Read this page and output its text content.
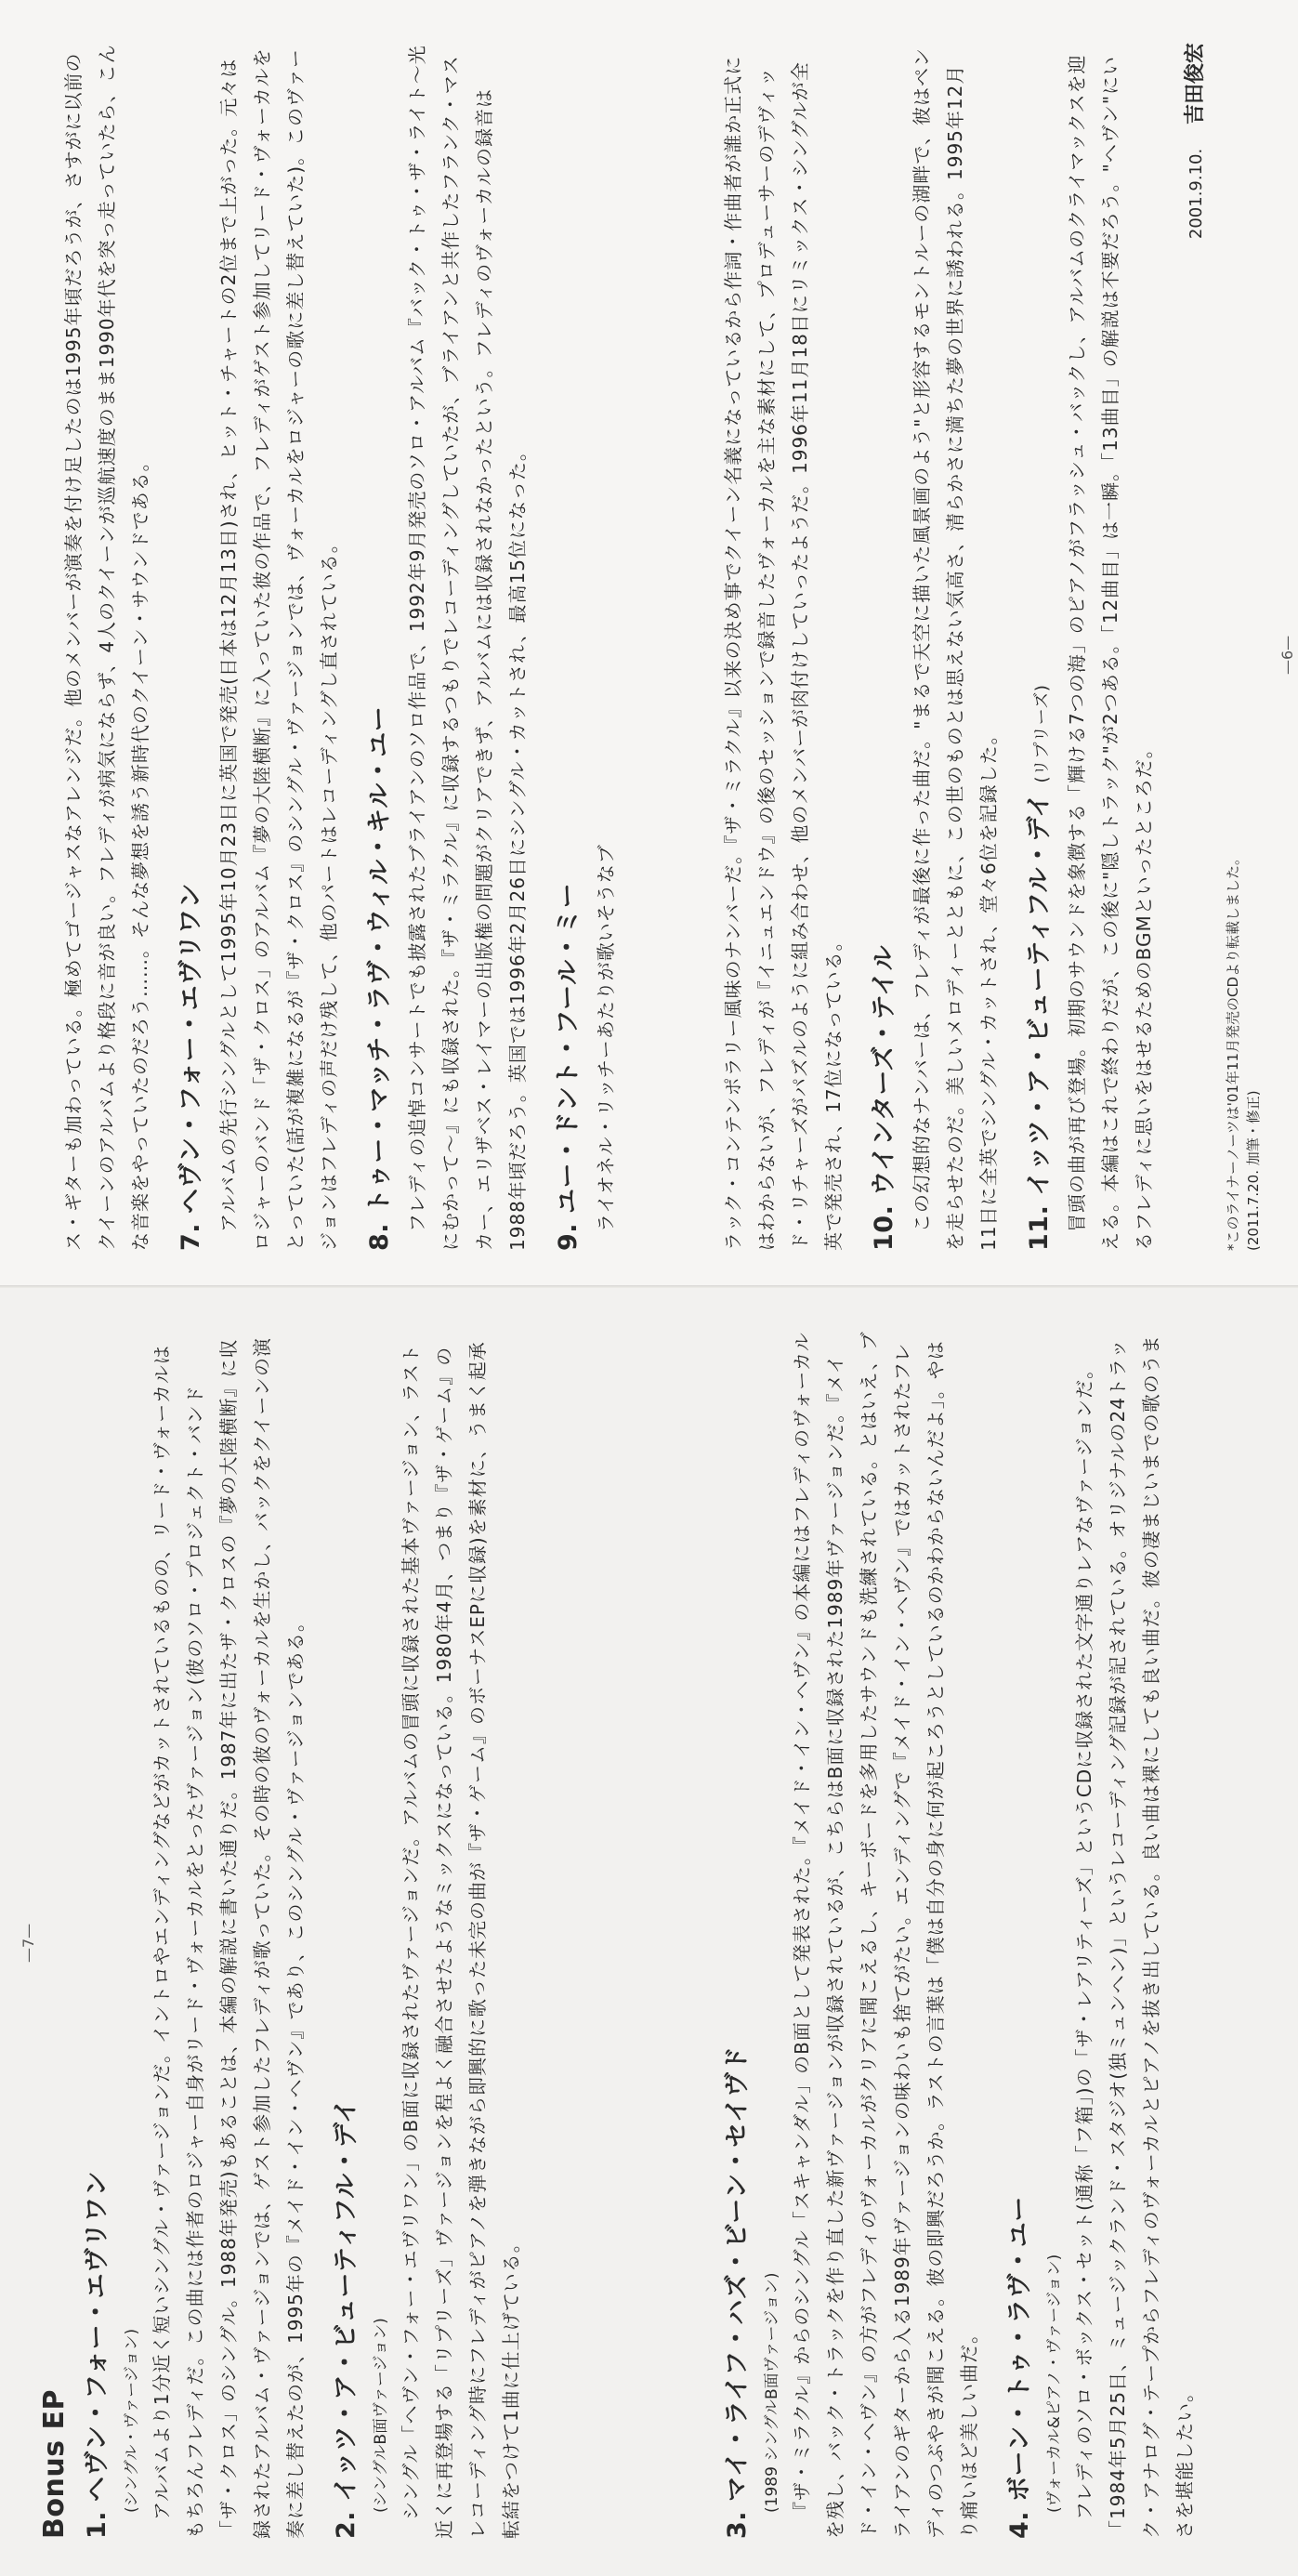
ス・ギターも加わっている。極めてゴージャスなアレンジだ。他のメンバーが演奏を付け足したのは1995年頃だろうが、さすがに以前のクイーンのアルバムより格段に音が良い。フレディが病気にならず、4人のクイーンが巡航速度のまま1990年代を突っ走っていたら、こんな音楽をやっていたのだろう……。そんな夢想を誘う新時代のクイーン・サウンドである。 7. ヘヴン・フォー・エヴリワン アルバムの先行シングルとして1995年10月23日に英国で発売(日本は12月13日)され、ヒット・チャートの2位まで上がった。元々はロジャーのバンド「ザ・クロス」のアルバム『夢の大陸横断』に入っていた彼の作品で、フレディがゲスト参加してリード・ヴォーカルをとっていた(話が複雑になるが『ザ・クロス』のシングル・ヴァージョンでは、ヴォーカルをロジャーの歌に差し替えていた)。このヴァージョンはフレディの声だけ残して、他のパートはレコーディングし直されている。 8. トゥー・マッチ・ラヴ・ウィル・キル・ユー フレディの追悼コンサートでも披露されたブライアンのソロ作品で、1992年9月発売のソロ・アルバム『バック・トゥ・ザ・ライト～光にむかって～』にも収録された。『ザ・ミラクル』に収録するつもりでレコーディングしていたが、ブライアンと共作したフランク・マスカー、エリザベス・レイマーの出版権の問題がクリアできず、アルバムには収録されなかったという。フレディのヴォーカルの録音は1988年頃だろう。英国では1996年2月26日にシングル・カットされ、最高15位になった。 9. ユー・ドント・フール・ミー ライオネル・リッチーあたりが歌いそうなブ	ラック・コンテンポラリー風味のナンバーだ。『ザ・ミラクル』以来の決め事でクイーン名義になっているから作詞・作曲者が誰か正式にはわからないが、フレディが『イニュエンドウ』の後のセッションで録音したヴォーカルを主な素材にして、プロデューサーのデヴィッド・リチャーズがパズルのように組み合わせ、他のメンバーが肉付けしていったようだ。1996年11月18日にリミックス・シングルが全英で発売され、17位になっている。 10. ウインターズ・テイル この幻想的なナンバーは、フレディが最後に作った曲だ。"まるで天空に描いた風景画のよう"と形容するモントルーの湖畔で、彼はペンを走らせたのだ。美しいメロディーとともに、この世のものとは思えない気高さ、清らかさに満ちた夢の世界に誘われる。1995年12月11日に全英でシングル・カットされ、堂々6位を記録した。 11. イッツ・ア・ビューティフル・デイ (リプリーズ) 冒頭の曲が再び登場。初期のサウンドを象徴する「輝ける7つの海」のピアノがフラッシュ・バックし、アルバムのクライマックスを迎える。本編はこれで終わりだが、この後に"隠しトラック"が2つある。「12曲目」は一瞬。「13曲目」の解説は不要だろう。"ヘヴン"にいるフレディに思いをはせるためのBGMといったところだ。

2001.9.10. 吉田俊宏
*このライナーノーツは'01年11月発売のCDより転載しました。 (2011.7.20. 加筆・修正)
—6—
Bonus EP 1. ヘヴン・フォー・エヴリワン (シングル・ヴァージョン) アルバムより1分近く短いシングル・ヴァージョンだ。イントロやエンディングなどがカットされているものの、リード・ヴォーカルはもちろんフレディだ。この曲には作者のロジャー自身がリード・ヴォーカルをとったヴァージョン(彼のソロ・プロジェクト・バンド「ザ・クロス」のシングル。1988年発売)もあることは、本編の解説に書いた通りだ。1987年に出たザ・クロスの『夢の大陸横断』に収録されたアルバム・ヴァージョンでは、ゲスト参加したフレディが歌っていた。その時の彼のヴォーカルを生かし、バックをクイーンの演奏に差し替えたのが、1995年の『メイド・イン・ヘヴン』であり、このシングル・ヴァージョンである。 2. イッツ・ア・ビューティフル・デイ (シングルB面ヴァージョン) シングル「ヘヴン・フォー・エヴリワン」のB面に収録されたヴァージョンだ。アルバムの冒頭に収録された基本ヴァージョン、ラスト近くに再登場する「リプリーズ」ヴァージョンを程よく融合させたようなミックスになっている。1980年4月、つまり『ザ・ゲーム』のレコーディング時にフレディがピアノを弾きながら即興的に歌った未完の曲が『ザ・ゲーム』のボーナスEPに収録)を素材に、うまく起承転結をつけて1曲に仕上げている。	3. マイ・ライフ・ハズ・ビーン・セイヴド (1989 シングルB面ヴァージョン) 『ザ・ミラクル』からのシングル「スキャンダル」のB面として発表された。『メイド・イン・ヘヴン』の本編にはフレディのヴォーカルを残し、バック・トラックを作り直した新ヴァージョンが収録されているが、こちらはB面に収録された1989年ヴァージョンだ。『メイド・イン・ヘヴン』の方がフレディのヴォーカルがクリアに聞こえるし、キーボードを多用したサウンドも洗練されている。とはいえ、ブライアンのギターから入る1989年ヴァージョンの味わいも捨てがたい。エンディングで『メイド・イン・ヘヴン』ではカットされたフレディのつぶやきが聞こえる。彼の即興だろうか。ラストの言葉は「僕は自分の身に何が起ころうとしているのかわからないんだよ」。やはり痛いほど美しい曲だ。 4. ボーン・トゥ・ラヴ・ユー (ヴォーカル&ピアノ・ヴァージョン) フレディのソロ・ボックス・セット(通称「フ箱」)の「ザ・レアリティーズ」というCDに収録された文字通りレアなヴァージョンだ。「1984年5月25日、ミュージックランド・スタジオ(独ミュンヘン)」というレコーディング記録が記されている。オリジナルの24トラック・アナログ・テープからフレディのヴォーカルとピアノを抜き出している。良い曲は裸にしても良い曲だ。彼の凄まじいまでの歌のうまさを堪能したい。

—7—
